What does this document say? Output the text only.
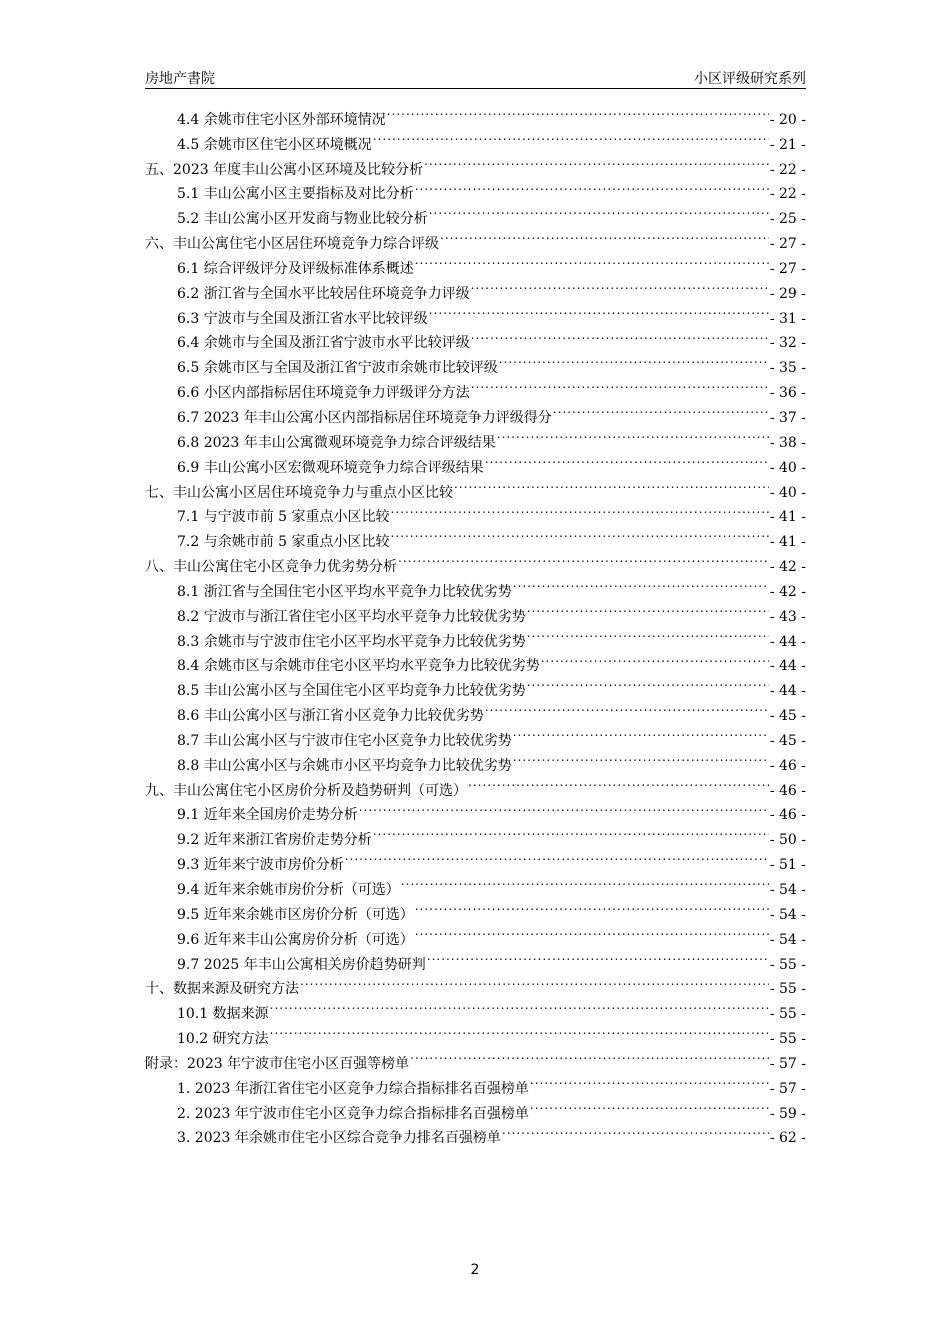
房地产書院	小区评级研究系列
4.4 余姚市住宅小区外部环境情况 .....	- 20 -
4.5 余姚市区住宅小区环境概况 .....	- 21 -
五、2023 年度丰山公寓小区环境及比较分析 .....	- 22 -
5.1 丰山公寓小区主要指标及对比分析 .....	- 22 -
5.2 丰山公寓小区开发商与物业比较分析 .....	- 25 -
六、丰山公寓住宅小区居住环境竞争力综合评级 .....	- 27 -
6.1 综合评级评分及评级标准体系概述 .....	- 27 -
6.2 浙江省与全国水平比较居住环境竞争力评级 .....	- 29 -
6.3 宁波市与全国及浙江省水平比较评级 .....	- 31 -
6.4 余姚市与全国及浙江省宁波市水平比较评级 .....	- 32 -
6.5 余姚市区与全国及浙江省宁波市余姚市比较评级 .....	- 35 -
6.6 小区内部指标居住环境竞争力评级评分方法 .....	- 36 -
6.7 2023 年丰山公寓小区内部指标居住环境竞争力评级得分 .....	- 37 -
6.8 2023 年丰山公寓微观环境竞争力综合评级结果 .....	- 38 -
6.9 丰山公寓小区宏微观环境竞争力综合评级结果 .....	- 40 -
七、丰山公寓小区居住环境竞争力与重点小区比较 .....	- 40 -
7.1 与宁波市前 5 家重点小区比较 .....	- 41 -
7.2 与余姚市前 5 家重点小区比较 .....	- 41 -
八、丰山公寓住宅小区竞争力优劣势分析 .....	- 42 -
8.1 浙江省与全国住宅小区平均水平竞争力比较优劣势 .....	- 42 -
8.2 宁波市与浙江省住宅小区平均水平竞争力比较优劣势 .....	- 43 -
8.3 余姚市与宁波市住宅小区平均水平竞争力比较优劣势 .....	- 44 -
8.4 余姚市区与余姚市住宅小区平均水平竞争力比较优劣势 .....	- 44 -
8.5 丰山公寓小区与全国住宅小区平均竞争力比较优劣势 .....	- 44 -
8.6 丰山公寓小区与浙江省小区竞争力比较优劣势 .....	- 45 -
8.7 丰山公寓小区与宁波市住宅小区竞争力比较优劣势 .....	- 45 -
8.8 丰山公寓小区与余姚市小区平均竞争力比较优劣势 .....	- 46 -
九、丰山公寓住宅小区房价分析及趋势研判（可选） .....	- 46 -
9.1 近年来全国房价走势分析 .....	- 46 -
9.2 近年来浙江省房价走势分析 .....	- 50 -
9.3 近年来宁波市房价分析 .....	- 51 -
9.4 近年来余姚市房价分析（可选） .....	- 54 -
9.5 近年来余姚市区房价分析（可选） .....	- 54 -
9.6 近年来丰山公寓房价分析（可选） .....	- 54 -
9.7 2025 年丰山公寓相关房价趋势研判 .....	- 55 -
十、数据来源及研究方法 .....	- 55 -
10.1 数据来源 .....	- 55 -
10.2 研究方法 .....	- 55 -
附录：2023 年宁波市住宅小区百强等榜单 .....	- 57 -
1. 2023 年浙江省住宅小区竞争力综合指标排名百强榜单 .....	- 57 -
2. 2023 年宁波市住宅小区竞争力综合指标排名百强榜单 .....	- 59 -
3. 2023 年余姚市住宅小区综合竞争力排名百强榜单 .....	- 62 -
2
